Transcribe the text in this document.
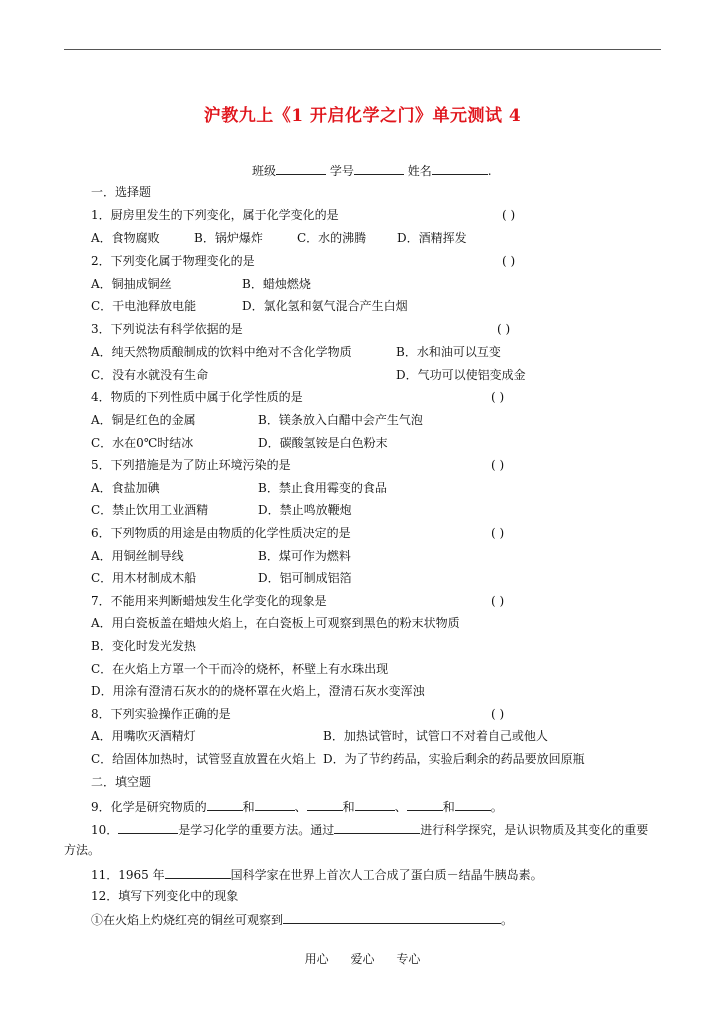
沪教九上《1 开启化学之门》单元测试 4
班级	学号	姓名	.
一．选择题
1．厨房里发生的下列变化，属于化学变化的是	( )
A．食物腐败	B．锅炉爆炸	C．水的沸腾	D．酒精挥发
2．下列变化属于物理变化的是	( )
A．铜抽成铜丝	B．蜡烛燃烧
C．干电池释放电能	D．氯化氢和氨气混合产生白烟
3．下列说法有科学依据的是	( )
A．纯天然物质酿制成的饮料中绝对不含化学物质	B．水和油可以互变
C．没有水就没有生命	D．气功可以使铝变成金
4．物质的下列性质中属于化学性质的是	( )
A．铜是红色的金属	B．镁条放入白醋中会产生气泡
C．水在0℃时结冰	D．碳酸氢铵是白色粉末
5．下列措施是为了防止环境污染的是	( )
A．食盐加碘	B．禁止食用霉变的食品
C．禁止饮用工业酒精	D．禁止鸣放鞭炮
6．下列物质的用途是由物质的化学性质决定的是	( )
A．用铜丝制导线	B．煤可作为燃料
C．用木材制成木船	D．铝可制成铝箔
7．不能用来判断蜡烛发生化学变化的现象是	( )
A．用白瓷板盖在蜡烛火焰上，在白瓷板上可观察到黑色的粉末状物质
B．变化时发光发热
C．在火焰上方罩一个干而冷的烧杯，杯壁上有水珠出现
D．用涂有澄清石灰水的的烧杯罩在火焰上，澄清石灰水变浑浊
8．下列实验操作正确的是	( )
A．用嘴吹灭酒精灯	B．加热试管时，试管口不对着自己或他人
C．给固体加热时，试管竖直放置在火焰上 D．为了节约药品，实验后剩余的药品要放回原瓶
二．填空题
9．化学是研究物质的	和	、	和	、	和	。
10．	是学习化学的重要方法。通过	进行科学探究，是认识物质及其变化的重要
方法。
11．1965 年	国科学家在世界上首次人工合成了蛋白质－结晶牛胰岛素。
12．填写下列变化中的现象
①在火焰上灼烧红亮的铜丝可观察到	。
用心 爱心 专心
